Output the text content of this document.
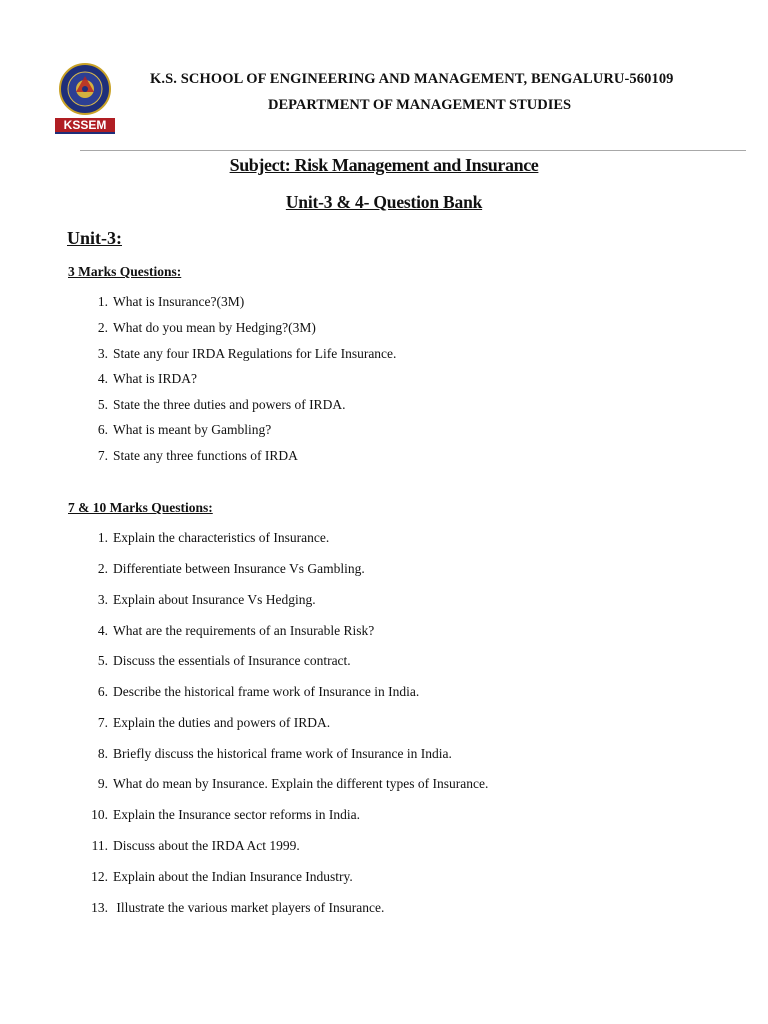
KSSEM
K.S. SCHOOL OF ENGINEERING AND MANAGEMENT, BENGALURU-560109
DEPARTMENT OF MANAGEMENT STUDIES
Subject: Risk Management and Insurance
Unit-3 & 4- Question Bank
Unit-3:
3 Marks Questions:
1. What is Insurance?(3M)
2. What do you mean by Hedging?(3M)
3. State any four IRDA Regulations for Life Insurance.
4. What is IRDA?
5. State the three duties and powers of IRDA.
6. What is meant by Gambling?
7. State any three functions of IRDA
7 & 10 Marks Questions:
1. Explain the characteristics of Insurance.
2. Differentiate between Insurance Vs Gambling.
3. Explain about Insurance Vs Hedging.
4. What are the requirements of an Insurable Risk?
5. Discuss the essentials of Insurance contract.
6. Describe the historical frame work of Insurance in India.
7. Explain the duties and powers of IRDA.
8. Briefly discuss the historical frame work of Insurance in India.
9. What do mean by Insurance. Explain the different types of Insurance.
10. Explain the Insurance sector reforms in India.
11. Discuss about the IRDA Act 1999.
12. Explain about the Indian Insurance Industry.
13. Illustrate the various market players of Insurance.
